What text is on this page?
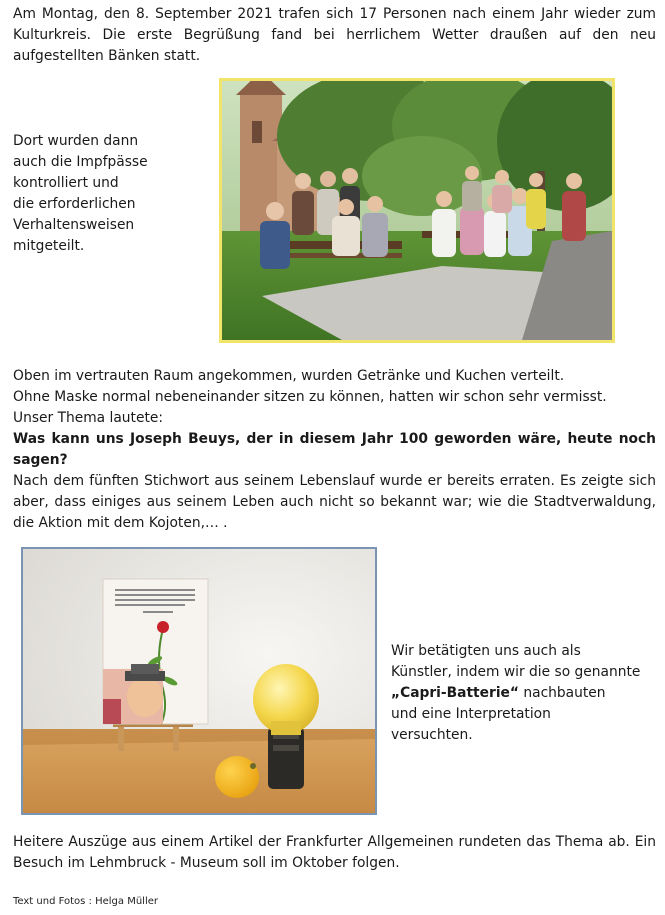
Am Montag, den 8. September 2021 trafen sich 17 Personen nach einem Jahr wieder zum Kulturkreis. Die erste Begrüßung fand bei herrlichem Wetter draußen auf den neu aufgestellten Bänken statt.

Dort wurden dann
auch die Impfpässe
kontrolliert und
die erforderlichen
Verhaltensweisen
mitgeteilt.
Oben im vertrauten Raum angekommen, wurden Getränke und Kuchen verteilt.
Ohne Maske normal nebeneinander sitzen zu können, hatten wir schon sehr vermisst.
Unser Thema lautete:
Was kann uns Joseph Beuys, der in diesem Jahr 100 geworden wäre, heute noch sagen?
Nach dem fünften Stichwort aus seinem Lebenslauf wurde er bereits erraten. Es zeigte sich aber, dass einiges aus seinem Leben auch nicht so bekannt war; wie die Stadtverwaldung, die Aktion mit dem Kojoten,… .
Wir betätigten uns auch als
Künstler, indem wir die so genannte
„Capri-Batterie“ nachbauten
und eine Interpretation
versuchten.

Heitere Auszüge aus einem Artikel der Frankfurter Allgemeinen rundeten das Thema ab. Ein Besuch im Lehmbruck - Museum soll im Oktober folgen.

Text und Fotos : Helga Müller
